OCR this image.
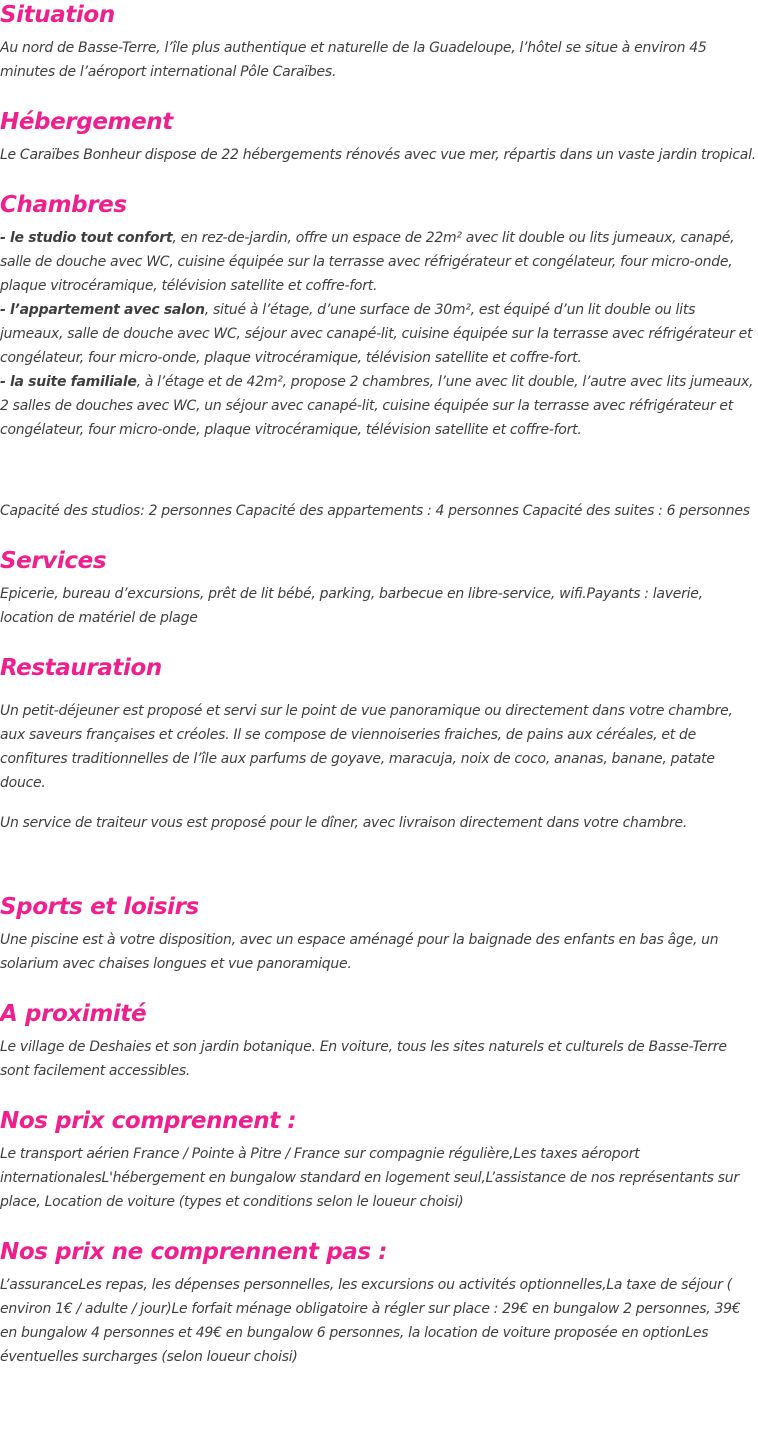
Situation

Au nord de Basse-Terre, l’île plus authentique et naturelle de la Guadeloupe, l’hôtel se situe à environ 45 minutes de l’aéroport international Pôle Caraïbes.

Hébergement

Le Caraïbes Bonheur dispose de 22 hébergements rénovés avec vue mer, répartis dans un vaste jardin tropical.

Chambres

- le studio tout confort, en rez-de-jardin, offre un espace de 22m² avec lit double ou lits jumeaux, canapé, salle de douche avec WC, cuisine équipée sur la terrasse avec réfrigérateur et congélateur, four micro-onde, plaque vitrocéramique, télévision satellite et coffre-fort.
- l’appartement avec salon, situé à l’étage, d’une surface de 30m², est équipé d’un lit double ou lits jumeaux, salle de douche avec WC, séjour avec canapé-lit, cuisine équipée sur la terrasse avec réfrigérateur et congélateur, four micro-onde, plaque vitrocéramique, télévision satellite et coffre-fort.
- la suite familiale, à l’étage et de 42m², propose 2 chambres, l’une avec lit double, l’autre avec lits jumeaux, 2 salles de douches avec WC, un séjour avec canapé-lit, cuisine équipée sur la terrasse avec réfrigérateur et congélateur, four micro-onde, plaque vitrocéramique, télévision satellite et coffre-fort.

Capacité des studios: 2 personnes Capacité des appartements : 4 personnes Capacité des suites : 6 personnes

Services

Epicerie, bureau d’excursions, prêt de lit bébé, parking, barbecue en libre-service, wifi.Payants : laverie, location de matériel de plage

Restauration

Un petit-déjeuner est proposé et servi sur le point de vue panoramique ou directement dans votre chambre, aux saveurs françaises et créoles. Il se compose de viennoiseries fraiches, de pains aux céréales, et de confitures traditionnelles de l’île aux parfums de goyave, maracuja, noix de coco, ananas, banane, patate douce.

Un service de traiteur vous est proposé pour le dîner, avec livraison directement dans votre chambre.

Sports et loisirs

Une piscine est à votre disposition, avec un espace aménagé pour la baignade des enfants en bas âge, un solarium avec chaises longues et vue panoramique.

A proximité

Le village de Deshaies et son jardin botanique. En voiture, tous les sites naturels et culturels de Basse-Terre sont facilement accessibles.

Nos prix comprennent :

Le transport aérien France / Pointe à Pitre / France sur compagnie régulière,Les taxes aéroport internationalesL'hébergement en bungalow standard en logement seul,L’assistance de nos représentants sur place, Location de voiture (types et conditions selon le loueur choisi)

Nos prix ne comprennent pas :

L’assuranceLes repas, les dépenses personnelles, les excursions ou activités optionnelles,La taxe de séjour ( environ 1€ / adulte / jour)Le forfait ménage obligatoire à régler sur place : 29€ en bungalow 2 personnes, 39€ en bungalow 4 personnes et 49€ en bungalow 6 personnes, la location de voiture proposée en optionLes éventuelles surcharges (selon loueur choisi)
